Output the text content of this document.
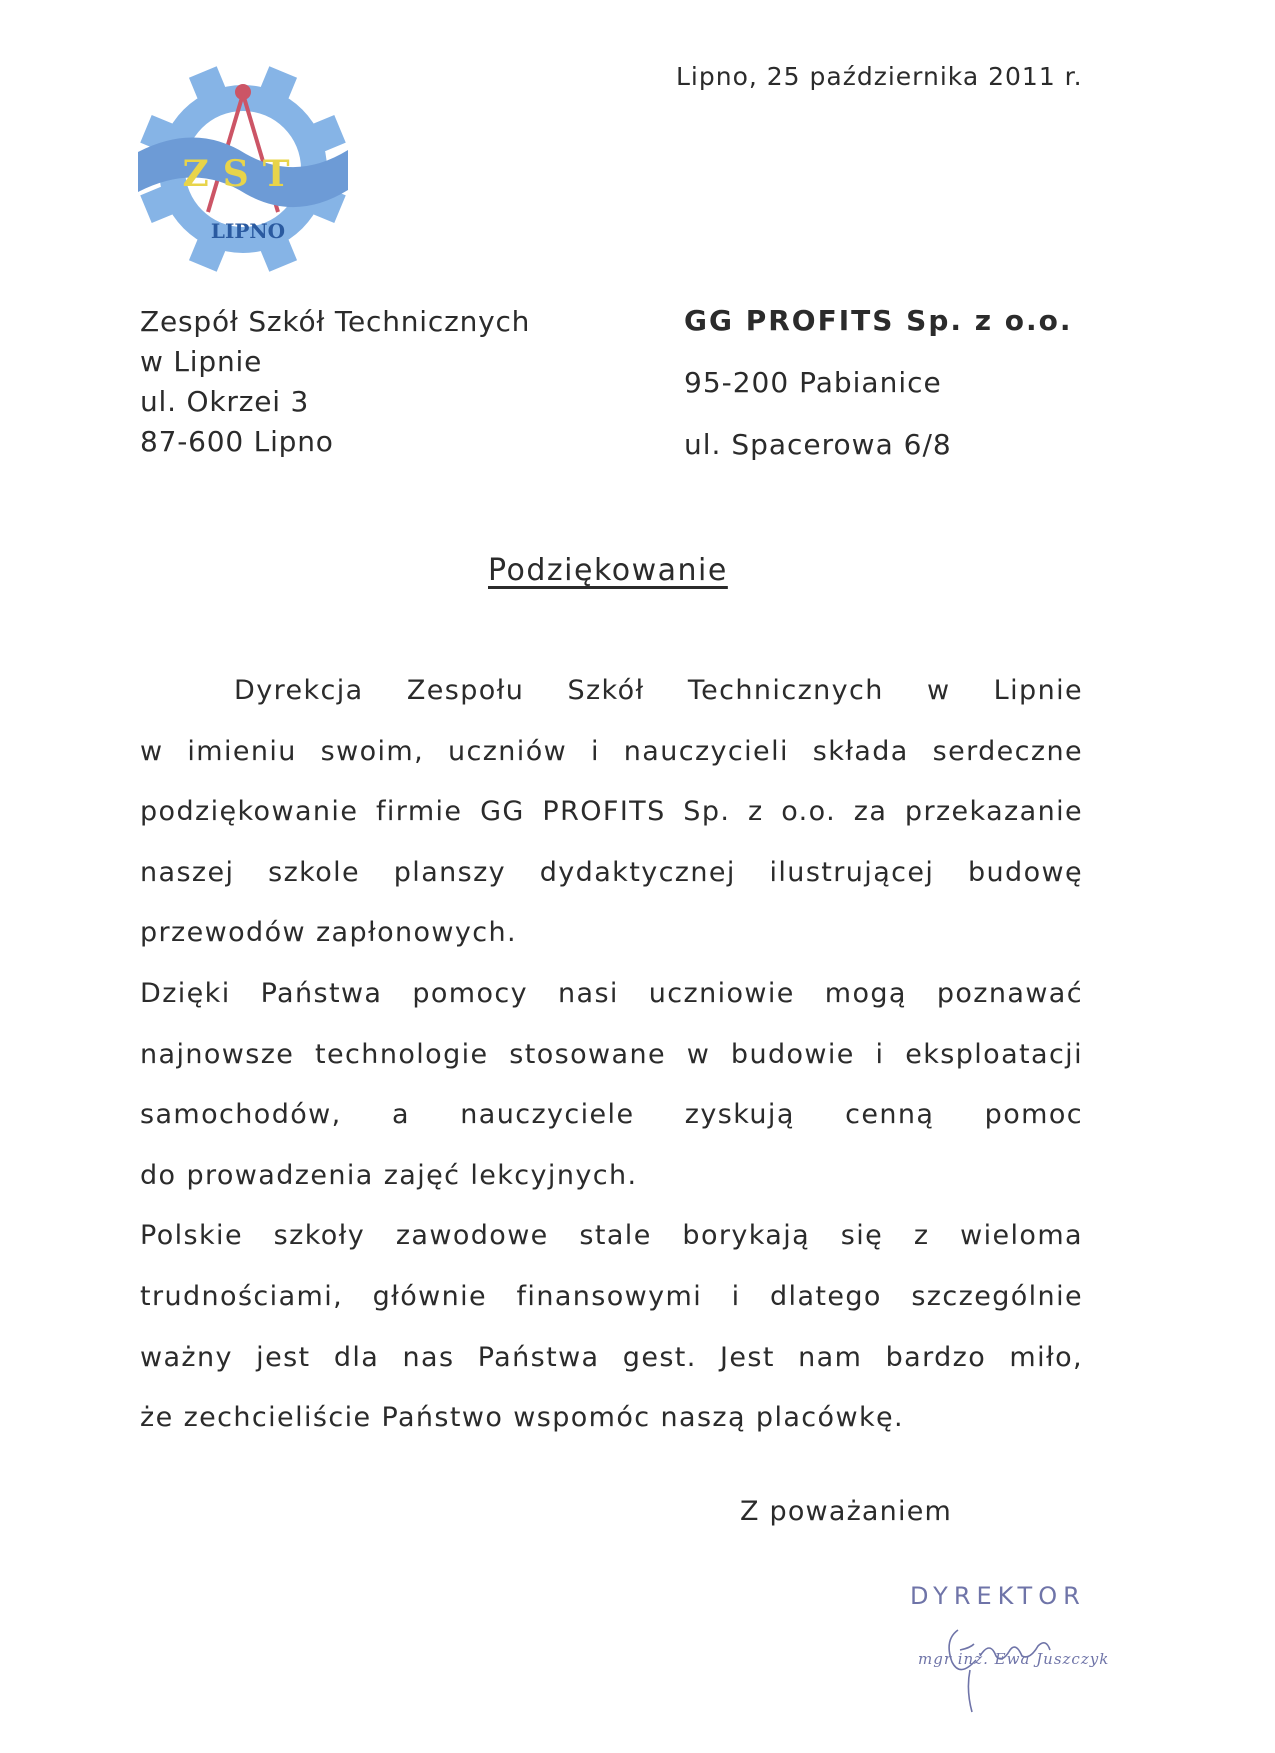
ZST
LIPNO
Lipno, 25 października 2011 r.
Zespół Szkół Technicznych
w Lipnie
ul. Okrzei 3
87-600 Lipno
GG PROFITS Sp. z o.o.
95-200 Pabianice
ul. Spacerowa 6/8
Podziękowanie

Dyrekcja Zespołu Szkół Technicznych w Lipnie

w imieniu swoim, uczniów i nauczycieli składa serdeczne

podziękowanie firmie GG PROFITS Sp. z o.o. za przekazanie

naszej szkole planszy dydaktycznej ilustrującej budowę

przewodów zapłonowych.

Dzięki Państwa pomocy nasi uczniowie mogą poznawać

najnowsze technologie stosowane w budowie i eksploatacji

samochodów, a nauczyciele zyskują cenną pomoc

do prowadzenia zajęć lekcyjnych.

Polskie szkoły zawodowe stale borykają się z wieloma

trudnościami, głównie finansowymi i dlatego szczególnie

ważny jest dla nas Państwa gest. Jest nam bardzo miło,

że zechcieliście Państwo wspomóc naszą placówkę.

Z poważaniem
DYREKTOR
mgr inż. Ewa Juszczyk
